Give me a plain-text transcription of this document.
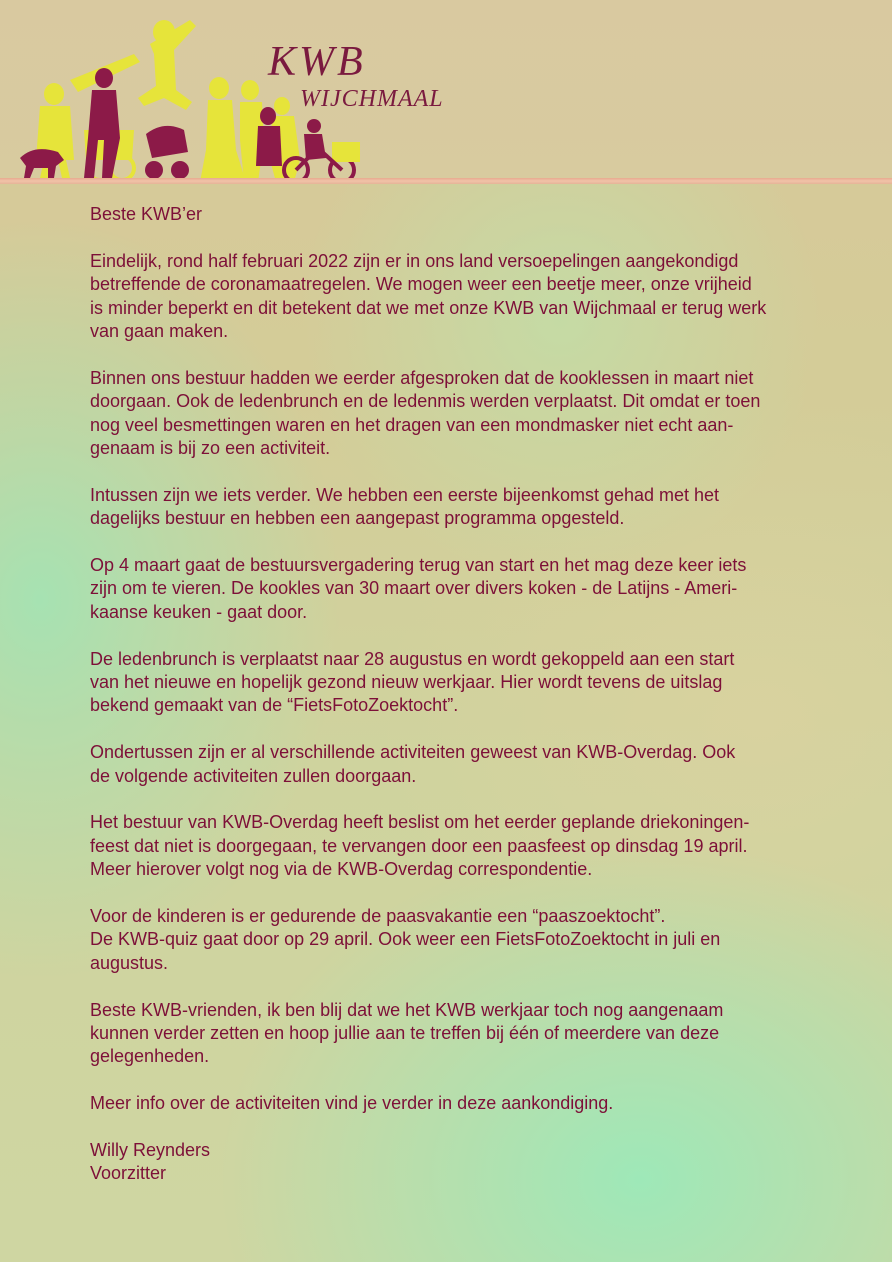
KWB
WIJCHMAAL

Beste KWB’er

Eindelijk, rond half februari 2022 zijn er in ons land versoepelingen aangekondigd
betreffende de coronamaatregelen. We mogen weer een beetje meer, onze vrijheid
is minder beperkt en dit betekent dat we met onze KWB van Wijchmaal er terug werk
van gaan maken.

Binnen ons bestuur hadden we eerder afgesproken dat de kooklessen in maart niet
doorgaan. Ook de ledenbrunch en de ledenmis werden verplaatst. Dit omdat er toen
nog veel besmettingen waren en het dragen van een mondmasker niet echt aan-
genaam is bij zo een activiteit.

Intussen zijn we iets verder. We hebben een eerste bijeenkomst gehad met het
dagelijks bestuur en hebben een aangepast programma opgesteld.

Op 4 maart gaat de bestuursvergadering terug van start en het mag deze keer iets
zijn om te vieren. De kookles van 30 maart over divers koken - de Latijns - Ameri-
kaanse keuken - gaat door.

De ledenbrunch is verplaatst naar 28 augustus en wordt gekoppeld aan een start
van het nieuwe en hopelijk gezond nieuw werkjaar. Hier wordt tevens de uitslag
bekend gemaakt van de “FietsFotoZoektocht”.

Ondertussen zijn er al verschillende activiteiten geweest van KWB-Overdag. Ook
de volgende activiteiten zullen doorgaan.

Het bestuur van KWB-Overdag heeft beslist om het eerder geplande driekoningen-
feest dat niet is doorgegaan, te vervangen door een paasfeest op dinsdag 19 april.
Meer hierover volgt nog via de KWB-Overdag correspondentie.

Voor de kinderen is er gedurende de paasvakantie een “paaszoektocht”.
De KWB-quiz gaat door op 29 april. Ook weer een FietsFotoZoektocht in juli en
augustus.

Beste KWB-vrienden, ik ben blij dat we het KWB werkjaar toch nog aangenaam
kunnen verder zetten en hoop jullie aan te treffen bij één of meerdere van deze
gelegenheden.

Meer info over de activiteiten vind je verder in deze aankondiging.

Willy Reynders
Voorzitter
